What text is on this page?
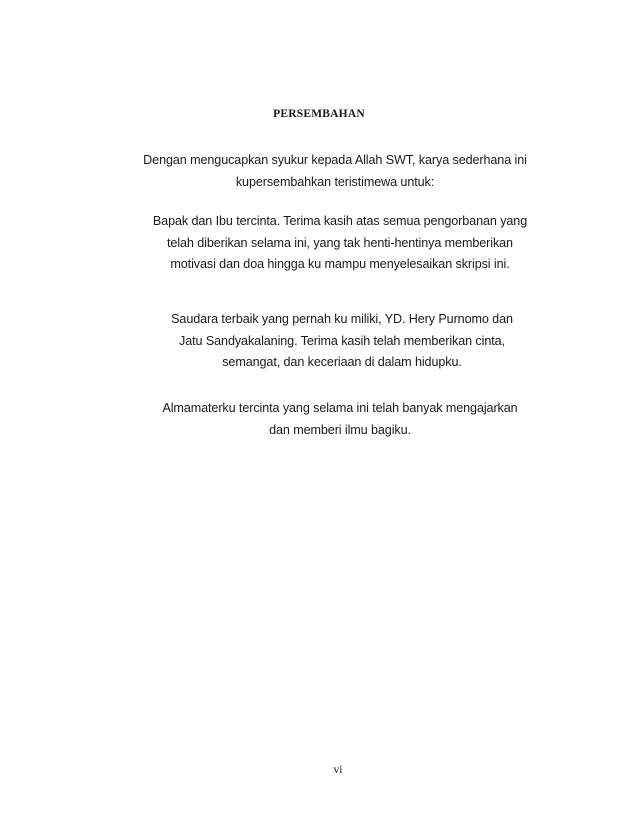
PERSEMBAHAN
Dengan mengucapkan syukur kepada Allah SWT, karya sederhana ini
kupersembahkan teristimewa untuk:
Bapak dan Ibu tercinta. Terima kasih atas semua pengorbanan yang
telah diberikan selama ini, yang tak henti-hentinya memberikan
motivasi dan doa hingga ku mampu menyelesaikan skripsi ini.
Saudara terbaik yang pernah ku miliki, YD. Hery Purnomo dan
Jatu Sandyakalaning. Terima kasih telah memberikan cinta,
semangat, dan keceriaan di dalam hidupku.
Almamaterku tercinta yang selama ini telah banyak mengajarkan
dan memberi ilmu bagiku.
vi
